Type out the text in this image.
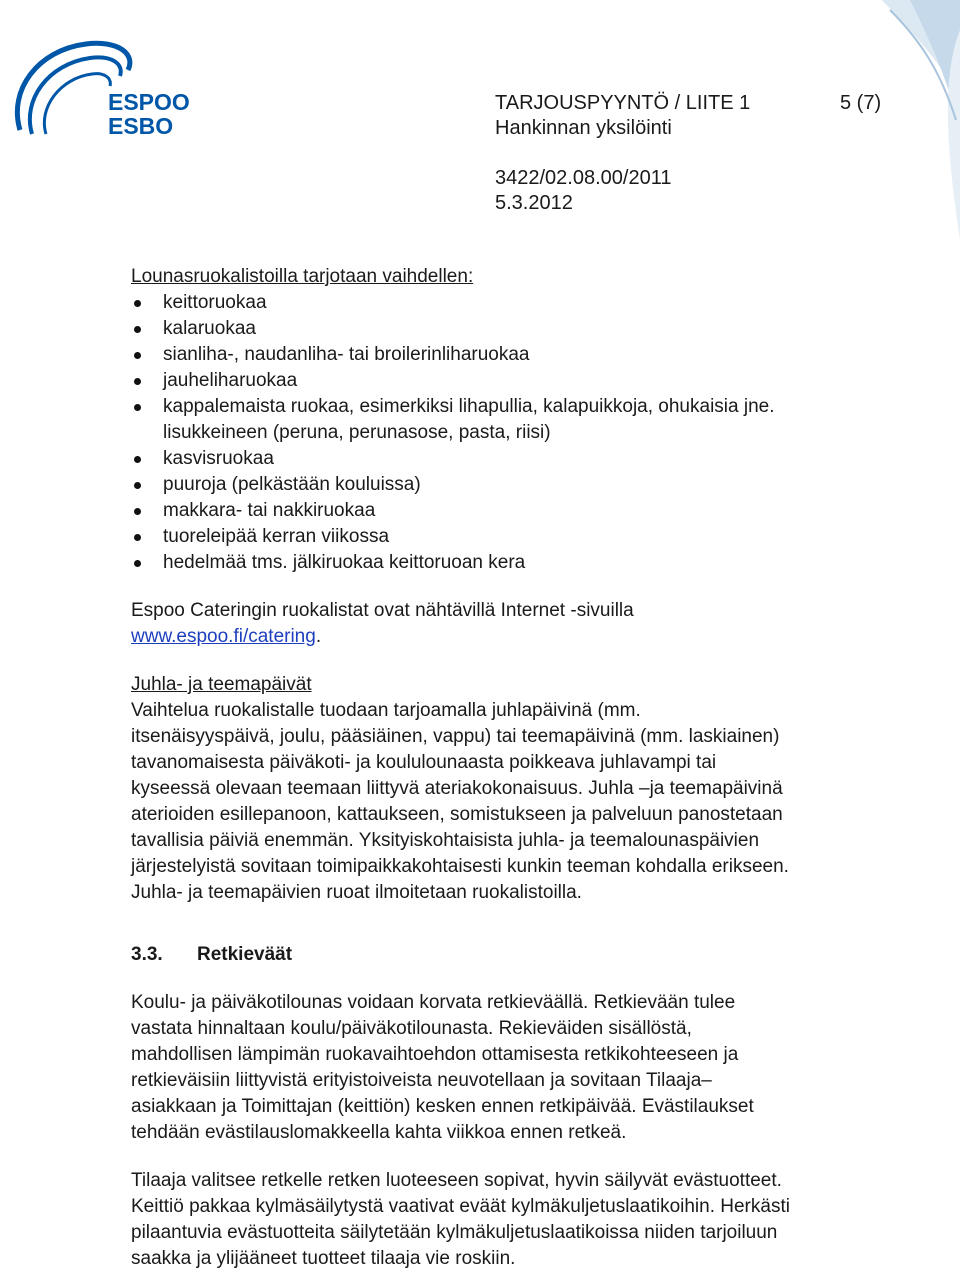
ESPOO
ESBO
TARJOUSPYYNTÖ / LIITE 1	5 (7)
Hankinnan yksilöinti
3422/02.08.00/2011
5.3.2012
Lounasruokalistoilla tarjotaan vaihdellen:
keittoruokaa
kalaruokaa
sianliha-, naudanliha- tai broilerinliharuokaa
jauheliharuokaa
kappalemaista ruokaa, esimerkiksi lihapullia, kalapuikkoja, ohukaisia jne.
lisukkeineen (peruna, perunasose, pasta, riisi)
kasvisruokaa
puuroja (pelkästään kouluissa)
makkara- tai nakkiruokaa
tuoreleipää kerran viikossa
hedelmää tms. jälkiruokaa keittoruoan kera

Espoo Cateringin ruokalistat ovat nähtävillä Internet -sivuilla
www.espoo.fi/catering.

Juhla- ja teemapäivät

Vaihtelua ruokalistalle tuodaan tarjoamalla juhlapäivinä (mm.
itsenäisyyspäivä, joulu, pääsiäinen, vappu) tai teemapäivinä (mm. laskiainen)
tavanomaisesta päiväkoti- ja koululounaasta poikkeava juhlavampi tai
kyseessä olevaan teemaan liittyvä ateriakokonaisuus. Juhla –ja teemapäivinä
aterioiden esillepanoon, kattaukseen, somistukseen ja palveluun panostetaan
tavallisia päiviä enemmän. Yksityiskohtaisista juhla- ja teemalounaspäivien
järjestelyistä sovitaan toimipaikkakohtaisesti kunkin teeman kohdalla erikseen.
Juhla- ja teemapäivien ruoat ilmoitetaan ruokalistoilla.

3.3. Retkieväät

Koulu- ja päiväkotilounas voidaan korvata retkieväällä. Retkievään tulee
vastata hinnaltaan koulu/päiväkotilounasta. Rekieväiden sisällöstä,
mahdollisen lämpimän ruokavaihtoehdon ottamisesta retkikohteeseen ja
retkieväisiin liittyvistä erityistoiveista neuvotellaan ja sovitaan Tilaaja–
asiakkaan ja Toimittajan (keittiön) kesken ennen retkipäivää. Evästilaukset
tehdään evästilauslomakkeella kahta viikkoa ennen retkeä.

Tilaaja valitsee retkelle retken luoteeseen sopivat, hyvin säilyvät evästuotteet.
Keittiö pakkaa kylmäsäilytystä vaativat eväät kylmäkuljetuslaatikoihin. Herkästi
pilaantuvia evästuotteita säilytetään kylmäkuljetuslaatikoissa niiden tarjoiluun
saakka ja ylijääneet tuotteet tilaaja vie roskiin.
